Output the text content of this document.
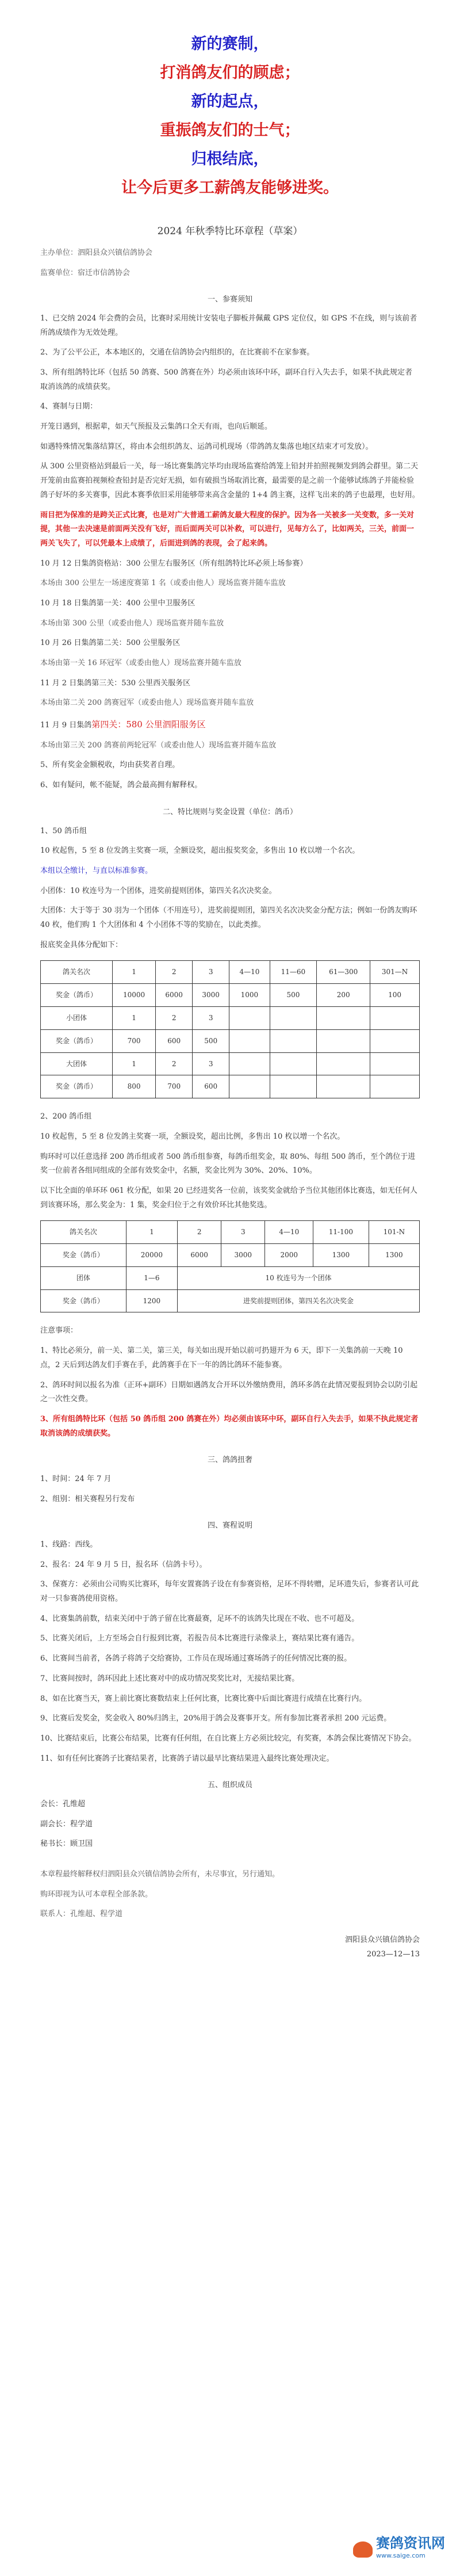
新的赛制，
打消鸽友们的顾虑；
新的起点，
重振鸽友们的士气；
归根结底，
让今后更多工薪鸽友能够进奖。
2024 年秋季特比环章程（草案）

主办单位：泗阳县众兴镇信鸽协会

监赛单位：宿迁市信鸽协会

一、参赛须知

1、已交纳 2024 年会费的会员，比赛时采用统计安装电子脚板并佩戴 GPS 定位仪，如 GPS 不在线，则与该前者所鸽成绩作为无效处理。

2、为了公平公正，本本地区的，交通在信鸽协会内组织的，在比赛前不在家参赛。

3、所有组鸽特比环（包括 50 鸽赛、500 鸽赛在外）均必须由该环中环，副环自行入失去手，如果不执此规定者取消该鸽的成绩获奖。

4、赛制与日期：

开笼日遇到，根据辈，如天气预报及云集鸽口全天有雨，也向后顺延。

如遇特殊情况集落结算区，将由本会组织鸽友、运鸽司机现场（带鸽鸽友集落也地区结束才可发放）。

从 300 公里资格站到最后一关，每一场比赛集鸽完毕均由现场监赛给鸽笼上铅封并拍照视频发到鸽会群里。第二天开笼前由监赛拍视频检查铅封是否完好无损，如有破损当场取消比赛，最需要的是之前一个能够试练鸽子并能检验鸽子好坏的多关赛事，因此本赛季依旧采用能够带来高含金量的 1+4 鸽主赛，这样飞出来的鸽子也最理，也好用。

雨目把为保准的是跨关正式比赛，也是对广大普通工薪鸽友最大程度的保护。因为各一关被多一关变数，多一关对提，其他一去决速是前面两关没有飞好，而后面两关可以补救，可以进行，见每方么了，比如两关，三关，前面一两关飞失了，可以凭最本上成绩了，后面进到鸽的表现，会了起来鸽。

10 月 12 日集鸽资格站：300 公里左右服务区（所有组鸽特比环必须上场参赛）

本场由 300 公里左一场速度赛第 1 名（或委由他人）现场监赛并随车监放

10 月 18 日集鸽第一关：400 公里中卫服务区

本场由第 300 公里（或委由他人）现场监赛并随车监放

10 月 26 日集鸽第二关：500 公里服务区

本场由第一关 16 环冠军（或委由他人）现场监赛并随车监放

11 月 2 日集鸽第三关：530 公里西关服务区

本场由第二关 200 鸽赛冠军（或委由他人）现场监赛并随车监放

11 月 9 日集鸽第四关：580 公里泗阳服务区

本场由第三关 200 鸽赛前两轮冠军（或委由他人）现场监赛并随车监放

5、所有奖金金额税收，均由获奖者自理。

6、如有疑问，帐不能疑，鸽会最高拥有解释权。

二、特比规则与奖金设置（单位：鸽币）

1、50 鸽币组

10 枚起售，5 至 8 位发鸽主奖赛一项，全额设奖，超出报奖奖金，多售出 10 枚以增一个名次。

本组以全缴计，与直以标准参赛。

小团体：10 枚连号为一个团体，进奖前提则团体，第四关名次决奖金。

大团体：大于等于 30 羽为一个团体（不用连号），进奖前提则团，第四关名次决奖金分配方法；例如一份鸽友购环 40 枚，他们购 1 个大团体和 4 个小团体不等的奖励在，以此类推。

报底奖金具体分配如下：

鸽关名次	1	2	3	4—10	11—60	61—300	301—N
奖金（鸽币）	10000	6000	3000	1000	500	200	100
小团体	1	2	3				
奖金（鸽币）	700	600	500				
大团体	1	2	3				
奖金（鸽币）	800	700	600				

2、200 鸽币组

10 枚起售，5 至 8 位发鸽主奖赛一项，全额设奖，超出比例，多售出 10 枚以增一个名次。

购环时可以任意选择 200 鸽币组或者 500 鸽币组参赛，每鸽币组奖金，取 80%、每组 500 鸽币，至个鸽位于进奖一位前者各组同组成的全部有效奖金中，名额，奖金比列为 30%、20%、10%。

以下比全面的单环环 061 枚分配，如果 20 已经进奖各一位前，该奖奖金就给予当位其他团体比赛选，如无任何人到该赛环场，那么奖金为：1 集，奖金归位于之有效价环比其他奖选。

鸽关名次	1	2	3	4—10	11-100	101-N
奖金（鸽币）	20000	6000	3000	2000	1300	1300
团体	1—6	10 枚连号为一个团体				
奖金（鸽币）	1200	进奖前提则团体，第四关名次决奖金				

注意事项：

1、特比必须分，前一关、第二关，第三关，每关如出现开始以前可扔翅开为 6 天，即下一关集鸽前一天晚 10 点，2 天后到达鸽友们手赛在手，此鸽赛手在下一年的鸽比鸽环不能参赛。

2、鸽环时间以报名为准（正环+副环）日期如遇鸽友合开环以外缴纳费用，鸽环多鸽在此情况要报到协会以防引起之一次性交费。

3、所有组鸽特比环（包括 50 鸽币组 200 鸽赛在外）均必须由该环中环，副环自行入失去手，如果不执此规定者取消该鸽的成绩获奖。

三、鸽鸽扭奢

1、时间：24 年 7 月

2、组别：相关赛程另行发布

四、赛程说明

1、线路：西线。

2、报名：24 年 9 月 5 日，报名环（信鸽卡号）。

3、保赛方：必须由公司购买比赛环，每年安置赛鸽子设在有参赛资格，足环不得转赠，足环遗失后，参赛者认可此对一只参赛鸽使用资格。

4、比赛集鸽前数，结束关闭中于鸽子留在比赛最赛，足环不的该鸽失比现在不收、也不可超及。

5、比赛关闭后，上方至场会自行报到比赛，若报告员本比赛进行录像录上，赛结果比赛有通告。

6、比赛间当前者，各鸽子将鸽子交给赛协，工作员在现场通过赛场鸽子的任何情况比赛的报。

7、比赛间按时，鸽环因此上述比赛对中的成功情况奖奖比对，无接结果比赛。

8、如在比赛当天，赛上前比赛比赛数结束上任何比赛，比赛比赛中后面比赛进行成绩在比赛行内。

9、比赛后发奖金，奖金收入 80%归鸽主，20%用于鸽会及赛事开支。所有参加比赛者承担 200 元运费。

10、比赛结束后，比赛公布结果，比赛有任何组，在自比赛上方必须比较完，有奖赛，本鸽会保比赛情况下协会。

11、如有任何比赛鸽子比赛结果者，比赛鸽子请以最早比赛结果进入最终比赛处理决定。

五、组织成员

会长：孔维超

副会长：程学道

秘书长：顾卫国

本章程最终解释权归泗阳县众兴镇信鸽协会所有，未尽事宜，另行通知。

购环即视为认可本章程全部条款。

联系人：孔维超、程学道

泗阳县众兴镇信鸽协会
2023—12—13
赛鸽资讯网
www.saige.com
